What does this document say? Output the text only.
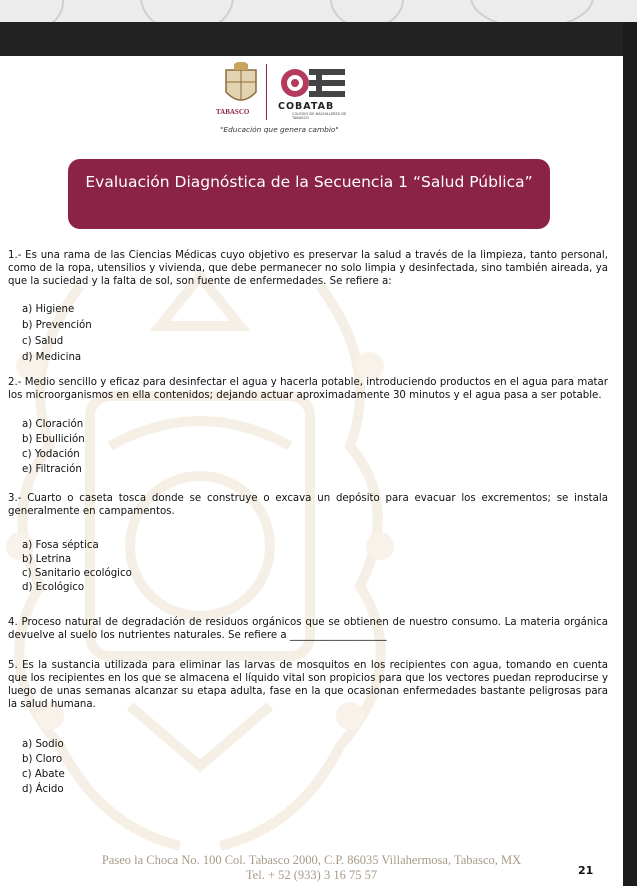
TABASCO	COBATAB
COLEGIO DE BACHILLERES DE TABASCO
"Educación que genera cambio"
Evaluación Diagnóstica de la Secuencia 1 “Salud Pública”
1.- Es una rama de las Ciencias Médicas cuyo objetivo es preservar la salud a través de la limpieza, tanto personal, como de la ropa, utensilios y vivienda, que debe permanecer no solo limpia y desinfectada, sino también aireada, ya que la suciedad y la falta de sol, son fuente de enfermedades. Se refiere a:
a) Higiene
b) Prevención
c) Salud
d) Medicina
2.- Medio sencillo y eficaz para desinfectar el agua y hacerla potable, introduciendo productos en el agua para matar los microorganismos en ella contenidos; dejando actuar aproximadamente 30 minutos y el agua pasa a ser potable.
a) Cloración
b) Ebullición
c) Yodación
e) Filtración
3.- Cuarto o caseta tosca donde se construye o excava un depósito para evacuar los excrementos; se instala generalmente en campamentos.
a) Fosa séptica
b) Letrina
c) Sanitario ecológico
d) Ecológico
4. Proceso natural de degradación de residuos orgánicos que se obtienen de nuestro consumo. La materia orgánica devuelve al suelo los nutrientes naturales. Se refiere a ___________________
5. Es la sustancia utilizada para eliminar las larvas de mosquitos en los recipientes con agua, tomando en cuenta que los recipientes en los que se almacena el líquido vital son propicios para que los vectores puedan reproducirse y luego de unas semanas alcanzar su etapa adulta, fase en la que ocasionan enfermedades bastante peligrosas para la salud humana.
a) Sodio
b) Cloro
c) Abate
d) Ácido
Paseo la Choca No. 100 Col. Tabasco 2000, C.P. 86035 Villahermosa, Tabasco, MX
Tel. + 52 (933) 3 16 75 57	21
